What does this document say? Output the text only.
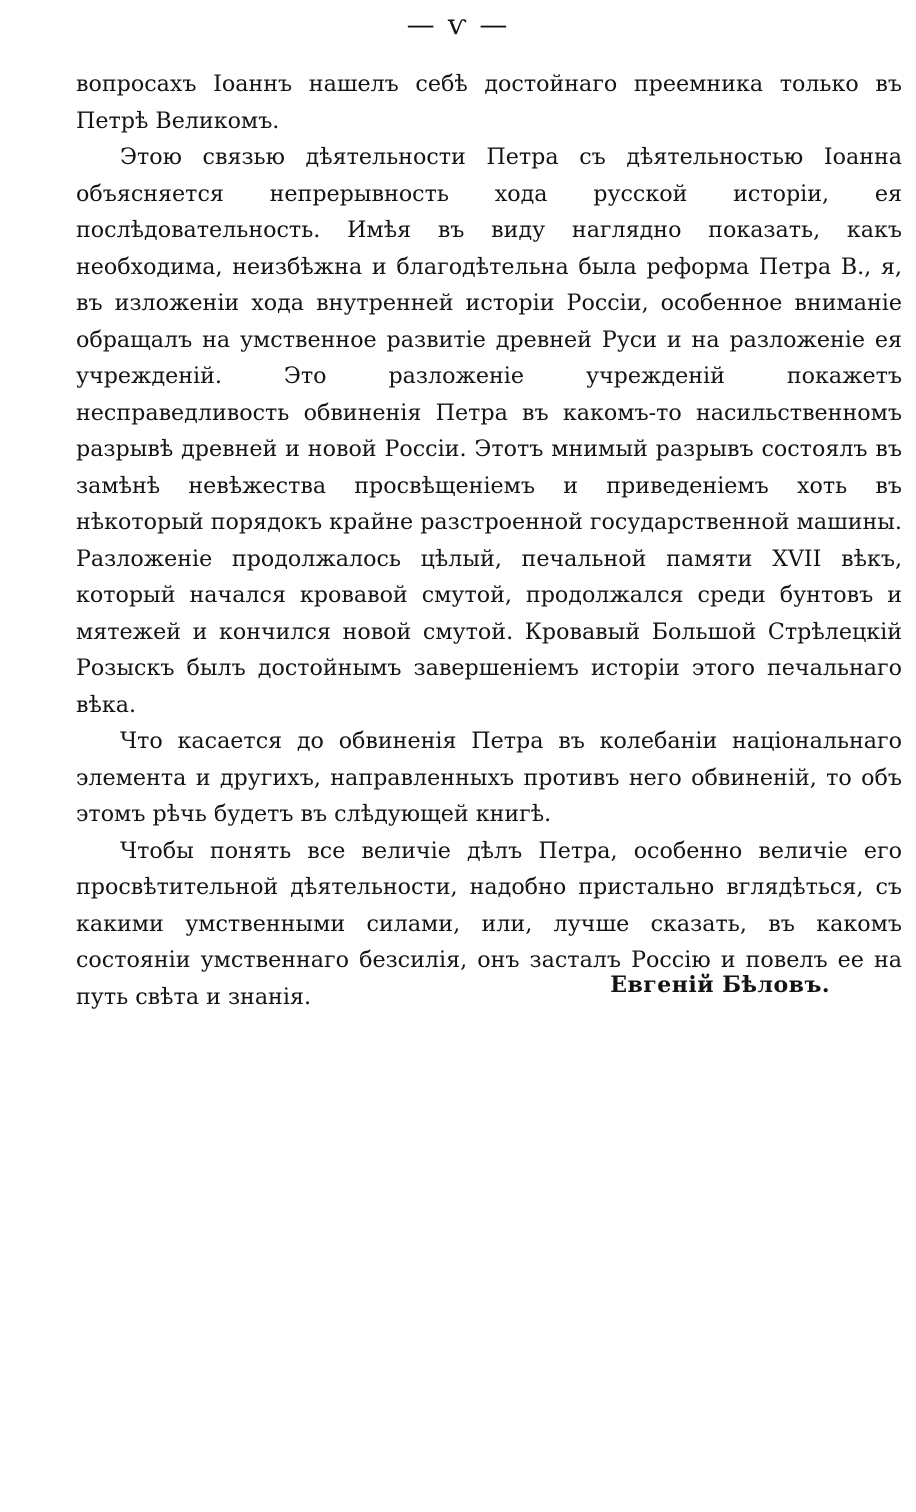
— ѵ —

вопросахъ Іоаннъ нашелъ себѣ достойнаго преемника только въ Петрѣ Великомъ.

Этою связью дѣятельности Петра съ дѣятельностью Іоанна объясняется непрерывность хода русской исторіи, ея послѣдовательность. Имѣя въ виду наглядно показать, какъ необходима, неизбѣжна и благодѣтельна была реформа Петра В., я, въ изложеніи хода внутренней исторіи Россіи, особенное вниманіе обращалъ на умственное развитіе древней Руси и на разложеніе ея учрежденій. Это разложеніе учрежденій покажетъ несправедливость обвиненія Петра въ какомъ-то насильственномъ разрывѣ древней и новой Россіи. Этотъ мнимый разрывъ состоялъ въ замѣнѣ невѣжества просвѣщеніемъ и приведеніемъ хоть въ нѣкоторый порядокъ крайне разстроенной государственной машины. Разложеніе продолжалось цѣлый, печальной памяти XVII вѣкъ, который начался кровавой смутой, продолжался среди бунтовъ и мятежей и кончился новой смутой. Кровавый Большой Стрѣлецкій Розыскъ былъ достойнымъ завершеніемъ исторіи этого печальнаго вѣка.

Что касается до обвиненія Петра въ колебаніи національнаго элемента и другихъ, направленныхъ противъ него обвиненій, то объ этомъ рѣчь будетъ въ слѣдующей книгѣ.

Чтобы понять все величіе дѣлъ Петра, особенно величіе его просвѣтительной дѣятельности, надобно пристально вглядѣться, съ какими умственными силами, или, лучше сказать, въ какомъ состояніи умственнаго безсилія, онъ засталъ Россію и повелъ ее на путь свѣта и знанія.	Евгеній Бѣловъ.
